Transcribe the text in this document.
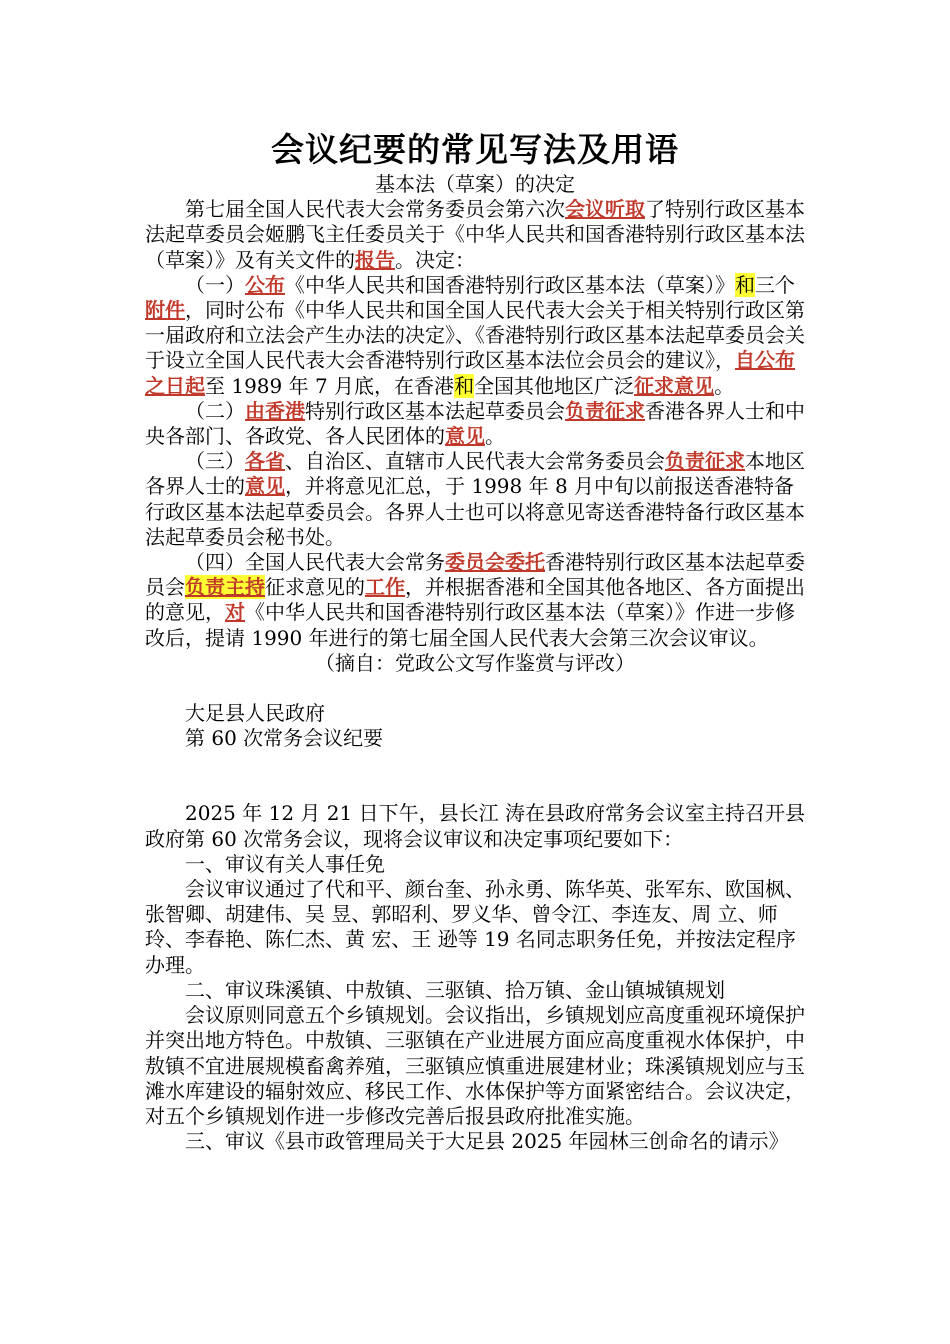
会议纪要的常见写法及用语

基本法（草案）的决定

第七届全国人民代表大会常务委员会第六次会议听取了特别行政区基本法起草委员会姬鹏飞主任委员关于《中华人民共和国香港特别行政区基本法（草案）》及有关文件的报告。决定：

（一）公布《中华人民共和国香港特别行政区基本法（草案）》和三个附件，同时公布《中华人民共和国全国人民代表大会关于相关特别行政区第一届政府和立法会产生办法的决定》、《香港特别行政区基本法起草委员会关于设立全国人民代表大会香港特别行政区基本法位会员会的建议》，自公布之日起至 1989 年 7 月底，在香港和全国其他地区广泛征求意见。

（二）由香港特别行政区基本法起草委员会负责征求香港各界人士和中央各部门、各政党、各人民团体的意见。

（三）各省、自治区、直辖市人民代表大会常务委员会负责征求本地区各界人士的意见，并将意见汇总，于 1998 年 8 月中旬以前报送香港特备行政区基本法起草委员会。各界人士也可以将意见寄送香港特备行政区基本法起草委员会秘书处。

（四）全国人民代表大会常务委员会委托香港特别行政区基本法起草委员会负责主持征求意见的工作，并根据香港和全国其他各地区、各方面提出的意见，对《中华人民共和国香港特别行政区基本法（草案）》作进一步修改后，提请 1990 年进行的第七届全国人民代表大会第三次会议审议。

（摘自：党政公文写作鉴赏与评改）

大足县人民政府

第 60 次常务会议纪要

2025 年 12 月 21 日下午，县长江 涛在县政府常务会议室主持召开县政府第 60 次常务会议，现将会议审议和决定事项纪要如下：

一、审议有关人事任免

会议审议通过了代和平、颜台奎、孙永勇、陈华英、张军东、欧国枫、张智卿、胡建伟、吴 昱、郭昭利、罗义华、曾令江、李连友、周 立、师玲、李春艳、陈仁杰、黄 宏、王 逊等 19 名同志职务任免，并按法定程序办理。

二、审议珠溪镇、中敖镇、三驱镇、拾万镇、金山镇城镇规划

会议原则同意五个乡镇规划。会议指出，乡镇规划应高度重视环境保护并突出地方特色。中敖镇、三驱镇在产业进展方面应高度重视水体保护，中敖镇不宜进展规模畜禽养殖，三驱镇应慎重进展建材业；珠溪镇规划应与玉滩水库建设的辐射效应、移民工作、水体保护等方面紧密结合。会议决定，对五个乡镇规划作进一步修改完善后报县政府批准实施。

三、审议《县市政管理局关于大足县 2025 年园林三创命名的请示》
